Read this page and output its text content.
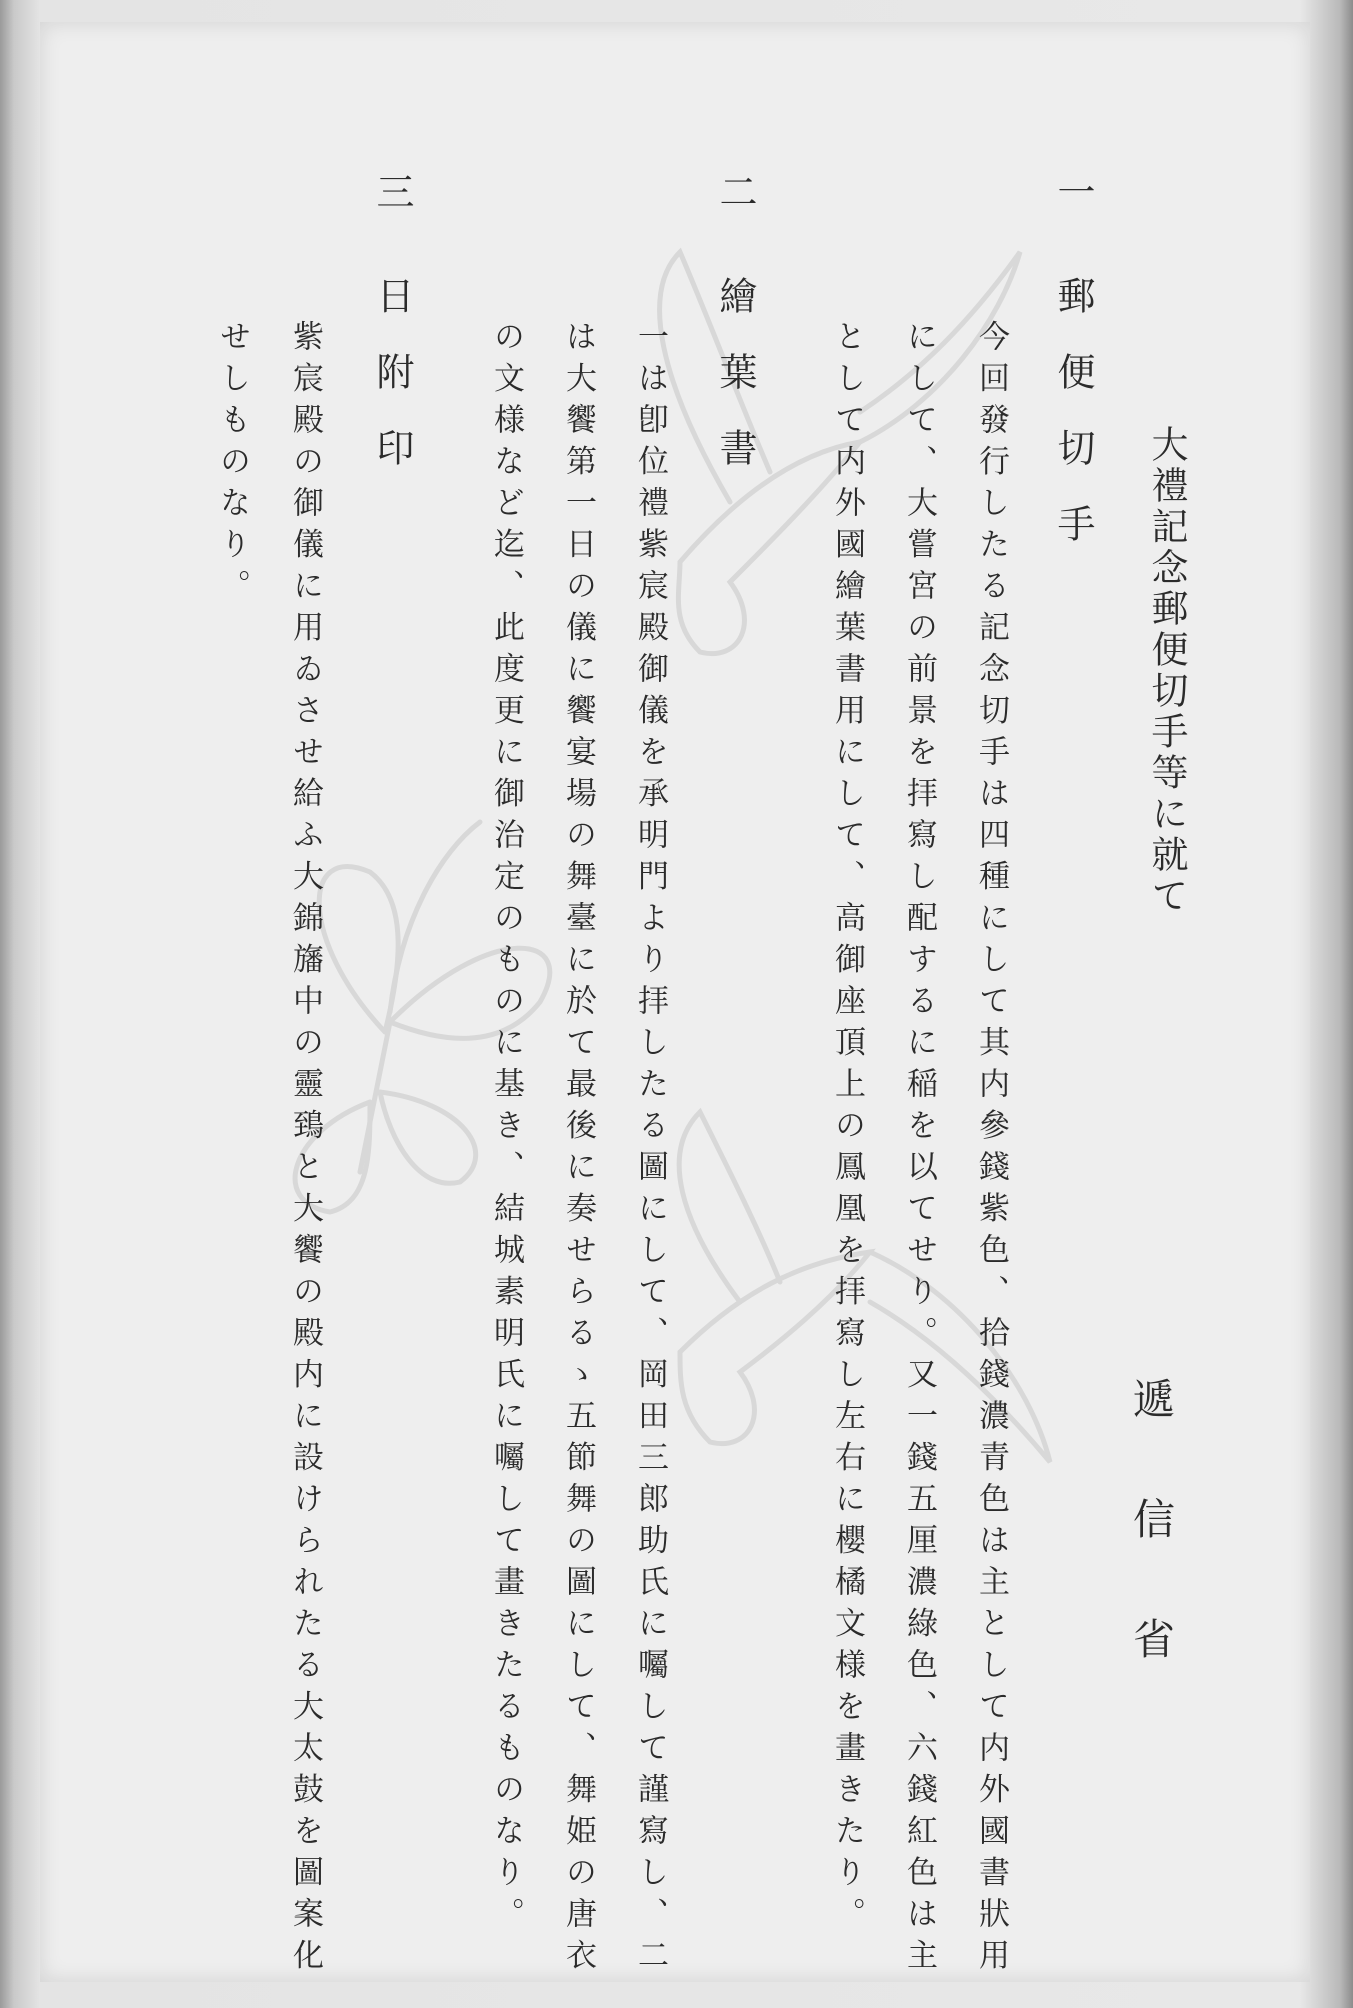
大禮記念郵便切手等に就て
遞信省
一郵便切手
今回發行したる記念切手は四種にして其内參錢紫色、拾錢濃青色は主として内外國書狀用
にして、大嘗宮の前景を拝寫し配するに稲を以てせり。又一錢五厘濃綠色、六錢紅色は主
として内外國繪葉書用にして、高御座頂上の鳳凰を拝寫し左右に櫻橘文様を畫きたり。
二繪葉書
一は卽位禮紫宸殿御儀を承明門より拝したる圖にして、岡田三郎助氏に囑して謹寫し、二
は大饗第一日の儀に饗宴場の舞臺に於て最後に奏せらるゝ五節舞の圖にして、舞姫の唐衣
の文様など迄、此度更に御治定のものに基き、結城素明氏に囑して畫きたるものなり。
三日附印
紫宸殿の御儀に用ゐさせ給ふ大錦旛中の靈鵄と大饗の殿内に設けられたる大太鼓を圖案化
せしものなり。
